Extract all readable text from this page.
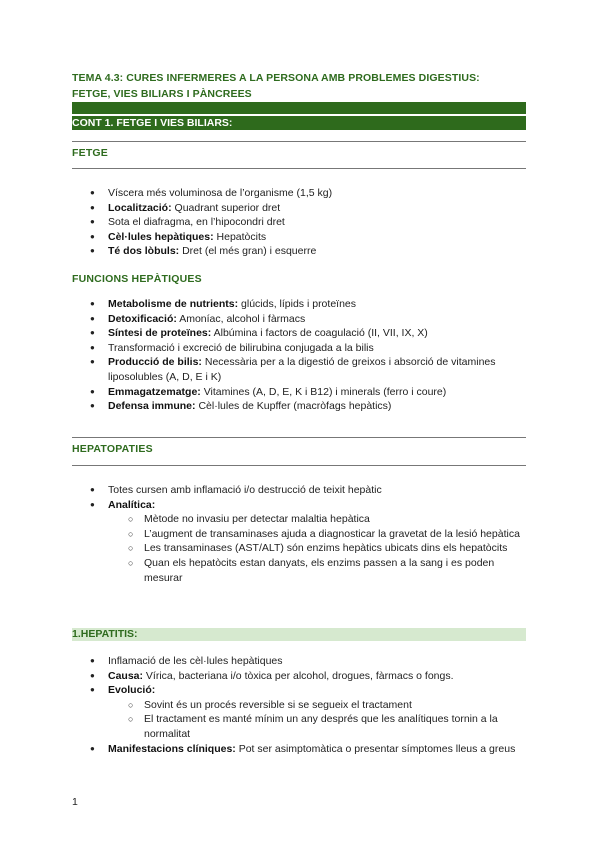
TEMA 4.3: CURES INFERMERES A LA PERSONA AMB PROBLEMES DIGESTIUS:
FETGE, VIES BILIARS I PÀNCREES
CONT 1. FETGE I VIES BILIARS:
FETGE
● Víscera més voluminosa de l’organisme (1,5 kg)
● Localització: Quadrant superior dret
● Sota el diafragma, en l’hipocondri dret
● Cèl·lules hepàtiques: Hepatòcits
● Té dos lòbuls: Dret (el més gran) i esquerre
FUNCIONS HEPÀTIQUES
● Metabolisme de nutrients: glúcids, lípids i proteïnes
● Detoxificació: Amoníac, alcohol i fàrmacs
● Síntesi de proteïnes: Albúmina i factors de coagulació (II, VII, IX, X)
● Transformació i excreció de bilirubina conjugada a la bilis
● Producció de bilis: Necessària per a la digestió de greixos i absorció de vitamines liposolubles (A, D, E i K)
● Emmagatzematge: Vitamines (A, D, E, K i B12) i minerals (ferro i coure)
● Defensa immune: Cèl·lules de Kupffer (macròfags hepàtics)
HEPATOPATIES
● Totes cursen amb inflamació i/o destrucció de teixit hepàtic
● Analítica:
○ Mètode no invasiu per detectar malaltia hepàtica
○ L’augment de transaminases ajuda a diagnosticar la gravetat de la lesió hepàtica
○ Les transaminases (AST/ALT) són enzims hepàtics ubicats dins els hepatòcits
○ Quan els hepatòcits estan danyats, els enzims passen a la sang i es poden mesurar
1.HEPATITIS:
● Inflamació de les cèl·lules hepàtiques
● Causa: Vírica, bacteriana i/o tòxica per alcohol, drogues, fàrmacs o fongs.
● Evolució:
○ Sovint és un procés reversible si se segueix el tractament
○ El tractament es manté mínim un any després que les analítiques tornin a la normalitat
● Manifestacions clíniques: Pot ser asimptomàtica o presentar símptomes lleus a greus
1
